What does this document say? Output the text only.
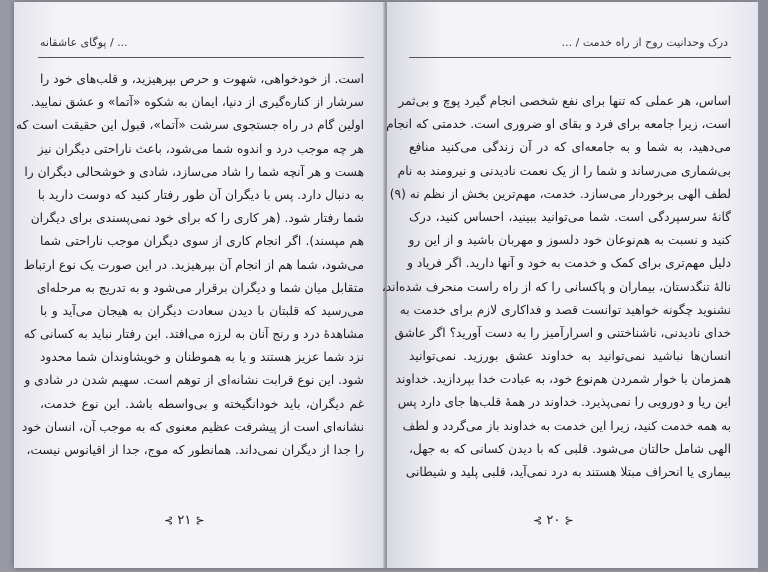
... / پوگای عاشقانه
است. از خودخواهی، شهوت و حرص بپرهیزید، و قلب‌های خود را
سرشار از کناره‌گیری از دنیا، ایمان به شکوه «آتما» و عشق نمایید.
اولین گام در راه جستجوی سرشت «آتما»، قبول این حقیقت است که
هر چه موجب درد و اندوه شما می‌شود، باعث ناراحتی دیگران نیز
هست و هر آنچه شما را شاد می‌سازد، شادی و خوشحالی دیگران را
به دنبال دارد. پس با دیگران آن طور رفتار کنید که دوست دارید با
شما رفتار شود. (هر کاری را که برای خود نمی‌پسندی برای دیگران
هم مپسند). اگر انجام کاری از سوی دیگران موجب ناراحتی شما
می‌شود، شما هم از انجام آن بپرهیزید. در این صورت یک نوع ارتباط
متقابل میان شما و دیگران برقرار می‌شود و به تدریج به مرحله‌ای
می‌رسید که قلبتان با دیدن سعادت دیگران به هیجان می‌آید و با
مشاهدهٔ درد و رنج آنان به لرزه می‌افتد. این رفتار نباید به کسانی که
نزد شما عزیز هستند و یا به هموطنان و خویشاوندان شما محدود
شود. این نوع قرابت نشانه‌ای از توهم است. سهیم شدن در شادی و
غم دیگران، باید خودانگیخته و بی‌واسطه باشد. این نوع خدمت،
نشانه‌ای است از پیشرفت عظیم معنوی که به موجب آن، انسان خود
را جدا از دیگران نمی‌داند. همانطور که موج، جدا از اقیانوس نیست،
⊰ ۲۱ ⊱
درک وحدانیت روح از راه خدمت / ...
اساس، هر عملی که تنها برای نفع شخصی انجام گیرد پوچ و بی‌ثمر
است، زیرا جامعه برای فرد و بقای او ضروری است. خدمتی که انجام
می‌دهید، به شما و به جامعه‌ای که در آن زندگی می‌کنید منافع
بی‌شماری می‌رساند و شما را از یک نعمت نادیدنی و نیرومند به نام
لطف الهی برخوردار می‌سازد. خدمت، مهم‌ترین بخش از نظم نه (۹)
گانهٔ سرسپردگی است. شما می‌توانید ببینید، احساس کنید، درک
کنید و نسبت به هم‌نوعان خود دلسوز و مهربان باشید و از این رو
دلیل مهم‌تری برای کمک و خدمت به خود و آنها دارید. اگر فریاد و
نالهٔ تنگدستان، بیماران و پاکسانی را که از راه راست منحرف شده‌اند،
نشنوید چگونه خواهید توانست قصد و فداکاری لازم برای خدمت به
خدای نادیدنی، ناشناختنی و اسرارآمیز را به دست آورید؟ اگر عاشق
انسان‌ها نباشید نمی‌توانید به خداوند عشق بورزید. نمی‌توانید
همزمان با خوار شمردن هم‌نوع خود، به عبادت خدا بپردازید. خداوند
این ریا و دورویی را نمی‌پذیرد. خداوند در همهٔ قلب‌ها جای دارد پس
به همه خدمت کنید، زیرا این خدمت به خداوند باز می‌گردد و لطف
الهی شامل حالتان می‌شود. قلبی که با دیدن کسانی که به جهل،
بیماری یا انحراف مبتلا هستند به درد نمی‌آید، قلبی پلید و شیطانی
⊰ ۲۰ ⊱
